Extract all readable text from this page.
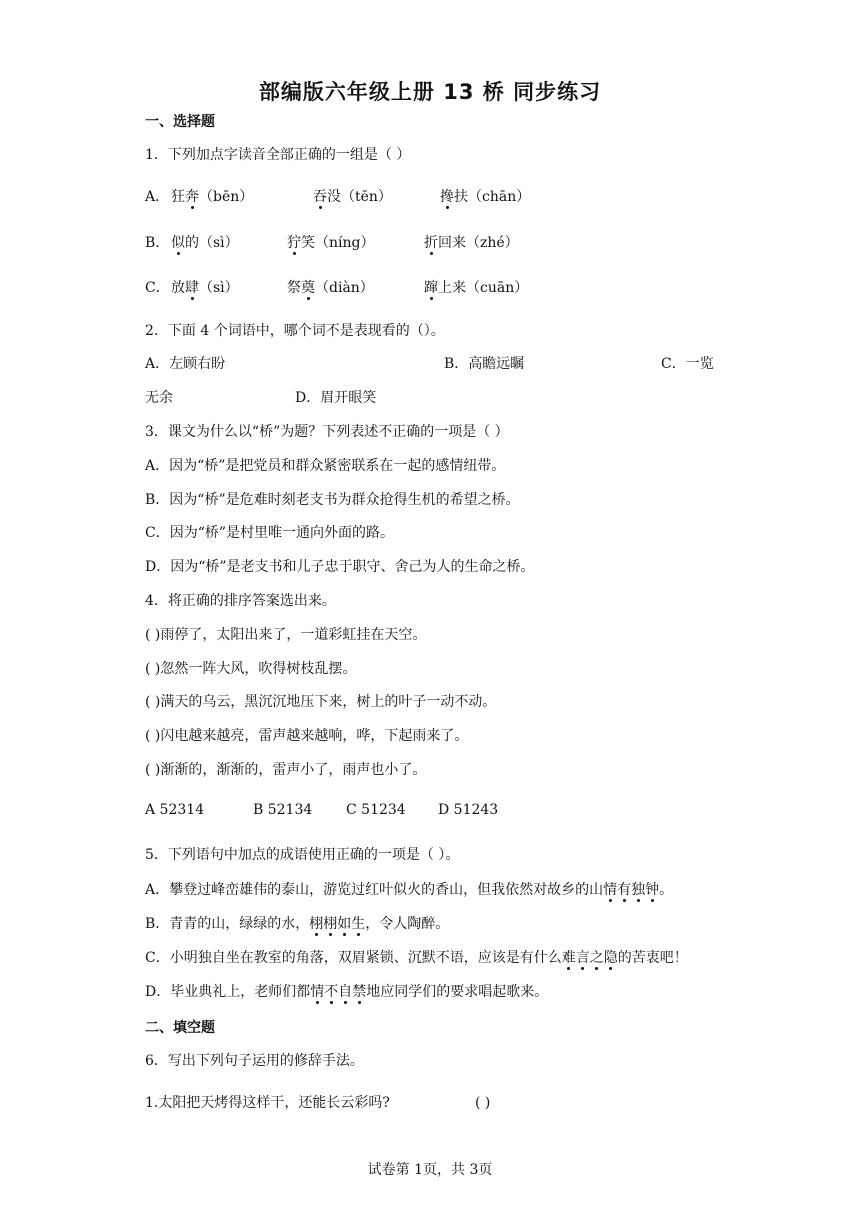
部编版六年级上册 13 桥 同步练习
一、选择题
1．下列加点字读音全部正确的一组是（ ）
A． 狂奔（bēn）	吞没（tēn）	搀扶（chān）
B． 似的（sì）	狞笑（níng）	折回来（zhé）
C． 放肆（sì）	祭奠（diàn）	蹿上来（cuān）
2．下面 4 个词语中，哪个词不是表现看的（）。
A．左顾右盼	B．高瞻远瞩	C．一览
无余	D．眉开眼笑
3．课文为什么以“桥”为题？下列表述不正确的一项是（ ）
A．因为“桥”是把党员和群众紧密联系在一起的感情纽带。
B．因为“桥”是危难时刻老支书为群众抢得生机的希望之桥。
C．因为“桥”是村里唯一通向外面的路。
D．因为“桥”是老支书和儿子忠于职守、舍己为人的生命之桥。
4．将正确的排序答案选出来。
( )雨停了，太阳出来了，一道彩虹挂在天空。
( )忽然一阵大风，吹得树枝乱摆。
( )满天的乌云，黑沉沉地压下来，树上的叶子一动不动。
( )闪电越来越亮，雷声越来越响，哗，下起雨来了。
( )渐渐的，渐渐的，雷声小了，雨声也小了。
A 52314	B 52134 C 51234 D 51243
5．下列语句中加点的成语使用正确的一项是（ ）。
A．攀登过峰峦雄伟的泰山，游览过红叶似火的香山，但我依然对故乡的山情有独钟。
B．青青的山，绿绿的水，栩栩如生，令人陶醉。
C．小明独自坐在教室的角落，双眉紧锁、沉默不语，应该是有什么难言之隐的苦衷吧！
D．毕业典礼上，老师们都情不自禁地应同学们的要求唱起歌来。
二、填空题
6．写出下列句子运用的修辞手法。
1.太阳把天烤得这样干，还能长云彩吗?	( )
试卷第 1页，共 3页
